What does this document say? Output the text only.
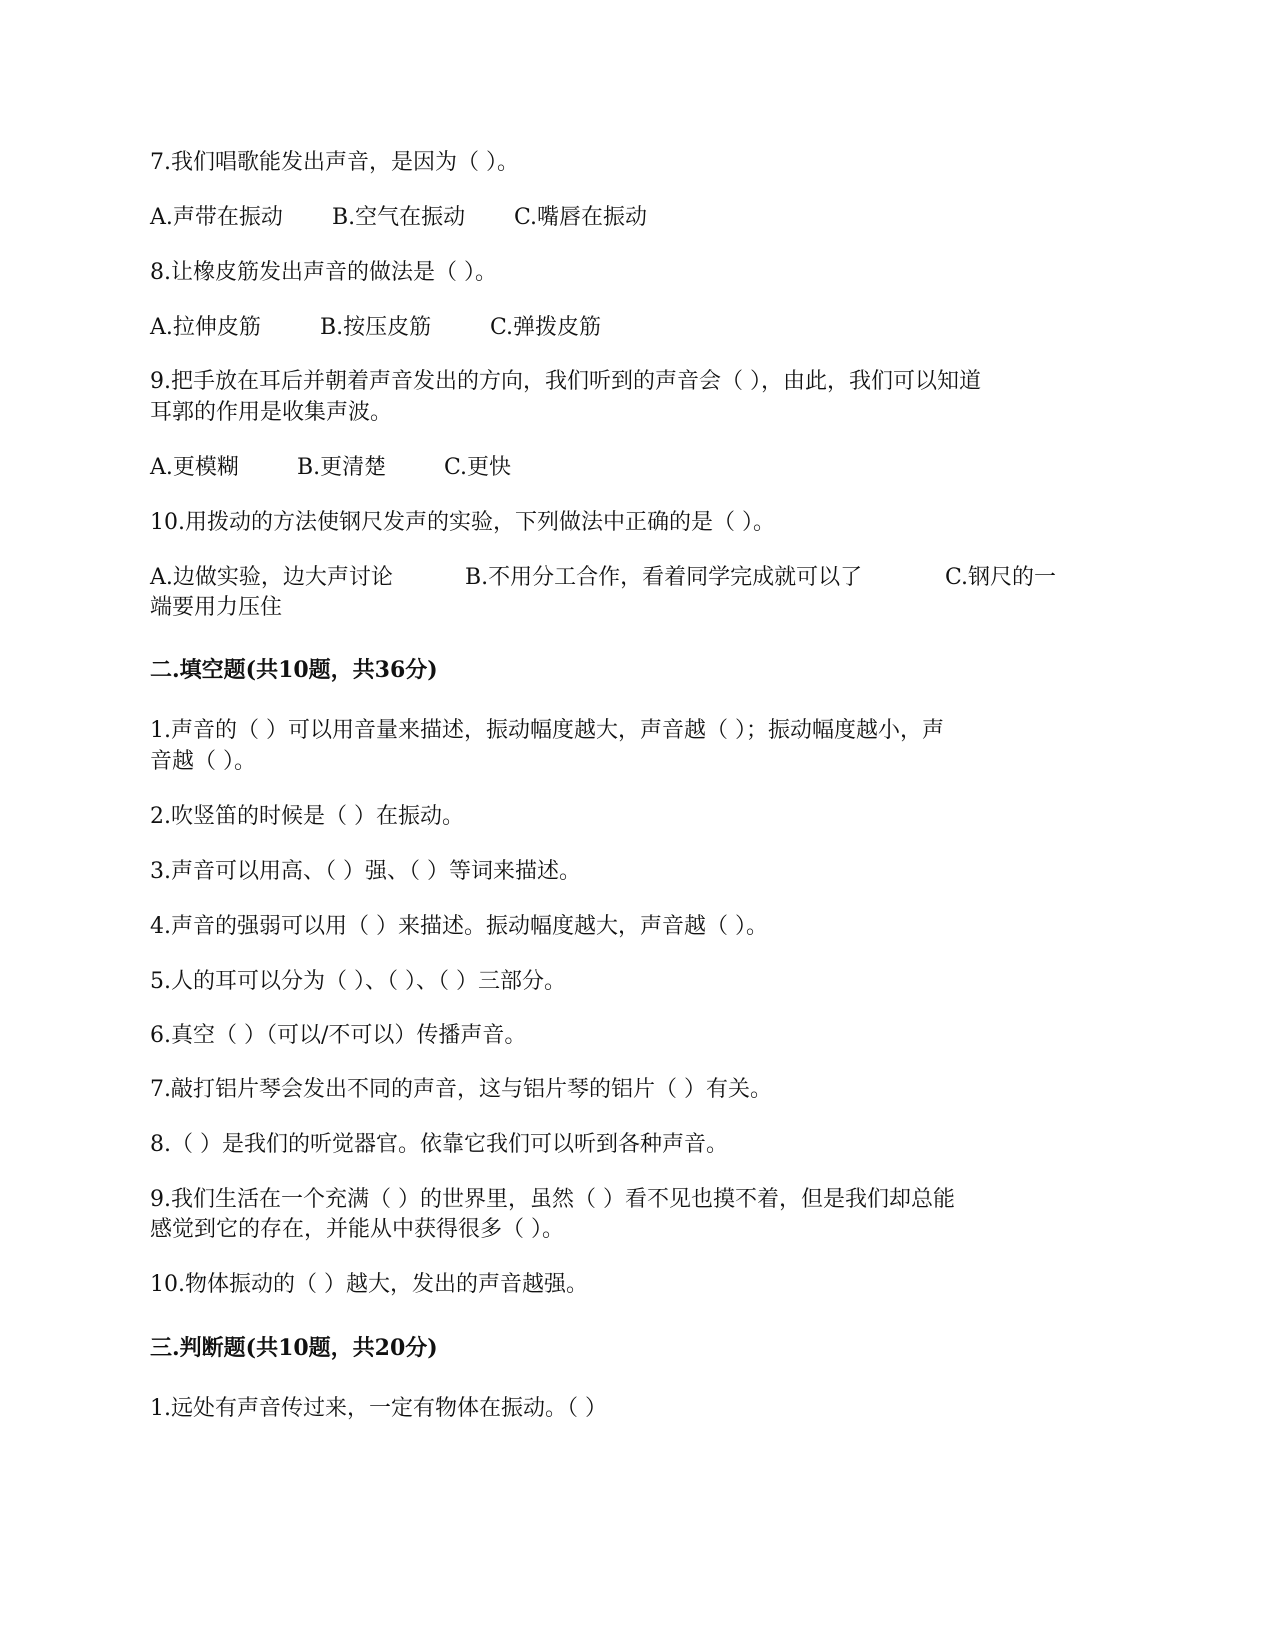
7.我们唱歌能发出声音，是因为（ ）。
A.声带在振动 B.空气在振动 C.嘴唇在振动
8.让橡皮筋发出声音的做法是（ ）。
A.拉伸皮筋	B.按压皮筋	C.弹拨皮筋
9.把手放在耳后并朝着声音发出的方向，我们听到的声音会（ ），由此，我们可以知道
耳郭的作用是收集声波。
A.更模糊	B.更清楚	C.更快
10.用拨动的方法使钢尺发声的实验，下列做法中正确的是（ ）。
A.边做实验，边大声讨论	B.不用分工合作，看着同学完成就可以了	C.钢尺的一
端要用力压住
二.填空题(共10题，共36分)
1.声音的（ ）可以用音量来描述，振动幅度越大，声音越（ ）；振动幅度越小，声
音越（ ）。
2.吹竖笛的时候是（ ）在振动。
3.声音可以用高、（ ）强、（ ）等词来描述。
4.声音的强弱可以用（ ）来描述。振动幅度越大，声音越（ ）。
5.人的耳可以分为（ ）、（ ）、（ ）三部分。
6.真空（ ）（可以/不可以）传播声音。
7.敲打铝片琴会发出不同的声音，这与铝片琴的铝片（ ）有关。
8.（ ）是我们的听觉器官。依靠它我们可以听到各种声音。
9.我们生活在一个充满（ ）的世界里，虽然（ ）看不见也摸不着，但是我们却总能
感觉到它的存在，并能从中获得很多（ ）。
10.物体振动的（ ）越大，发出的声音越强。
三.判断题(共10题，共20分)
1.远处有声音传过来，一定有物体在振动。（ ）
